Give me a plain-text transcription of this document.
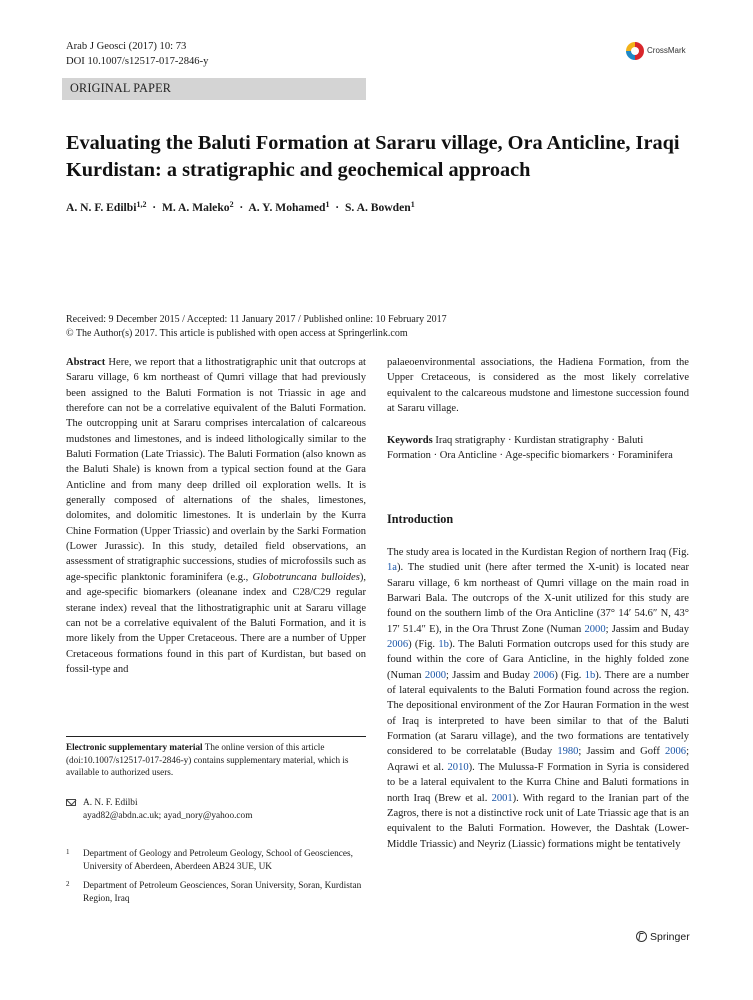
Arab J Geosci (2017) 10: 73
DOI 10.1007/s12517-017-2846-y
CrossMark
ORIGINAL PAPER
Evaluating the Baluti Formation at Sararu village, Ora Anticline, Iraqi Kurdistan: a stratigraphic and geochemical approach
A. N. F. Edilbi$^{1,2}$  ·  M. A. Maleko$^2$  ·  A. Y. Mohamed$^1$  ·  S. A. Bowden$^1$
Received: 9 December 2015 / Accepted: 11 January 2017 / Published online: 10 February 2017
© The Author(s) 2017. This article is published with open access at Springerlink.com
Abstract Here, we report that a lithostratigraphic unit that outcrops at Sararu village, 6 km northeast of Qumri village that had previously been assigned to the Baluti Formation is not Triassic in age and therefore can not be a correlative equivalent of the Baluti Formation. The outcropping unit at Sararu comprises intercalation of calcareous mudstones and limestones, and is indeed lithologically similar to the Baluti Formation (Late Triassic). The Baluti Formation (also known as the Baluti Shale) is known from a typical section found at the Gara Anticline and from many deep drilled oil exploration wells. It is generally composed of alternations of the shales, limestones, dolomites, and dolomitic limestones. It is underlain by the Kurra Chine Formation (Upper Triassic) and overlain by the Sarki Formation (Lower Jurassic). In this study, detailed field observations, an assessment of stratigraphic successions, studies of microfossils such as age-specific planktonic foraminifera (e.g., Globotruncana bulloides), and age-specific biomarkers (oleanane index and C28/C29 regular sterane index) reveal that the lithostratigraphic unit at Sararu village can not be a correlative equivalent of the Baluti Formation, and it is more likely from the Upper Cretaceous. There are a number of Upper Cretaceous formations found in this part of Kurdistan, but based on fossil-type and
palaeoenvironmental associations, the Hadiena Formation, from the Upper Cretaceous, is considered as the most likely correlative equivalent to the calcareous mudstone and limestone succession found at Sararu village.
Keywords Iraq stratigraphy · Kurdistan stratigraphy · Baluti Formation · Ora Anticline · Age-specific biomarkers · Foraminifera
Introduction
The study area is located in the Kurdistan Region of northern Iraq (Fig. 1a). The studied unit (here after termed the X-unit) is located near Sararu village, 6 km northeast of Qumri village on the main road in Barwari Bala. The outcrops of the X-unit utilized for this study are found on the southern limb of the Ora Anticline (37° 14′ 54.6″ N, 43° 17′ 51.4″ E), in the Ora Thrust Zone (Numan 2000; Jassim and Buday 2006) (Fig. 1b). The Baluti Formation outcrops used for this study are found within the core of Gara Anticline, in the highly folded zone (Numan 2000; Jassim and Buday 2006) (Fig. 1b). There are a number of lateral equivalents to the Baluti Formation found across the region. The depositional environment of the Zor Hauran Formation in the west of Iraq is interpreted to have been similar to that of the Baluti Formation (at Sararu village), and the two formations are tentatively considered to be correlatable (Buday 1980; Jassim and Goff 2006; Aqrawi et al. 2010). The Mulussa-F Formation in Syria is considered to be a lateral equivalent to the Kurra Chine and Baluti formations in north Iraq (Brew et al. 2001). With regard to the Iranian part of the Zagros, there is not a distinctive rock unit of Late Triassic age that is an equivalent to the Baluti Formation. However, the Dashtak (Lower-Middle Triassic) and Neyriz (Liassic) formations might be tentatively
Electronic supplementary material The online version of this article (doi:10.1007/s12517-017-2846-y) contains supplementary material, which is available to authorized users.
A. N. F. Edilbi
ayad82@abdn.ac.uk; ayad_nory@yahoo.com
1 Department of Geology and Petroleum Geology, School of Geosciences, University of Aberdeen, Aberdeen AB24 3UE, UK
2 Department of Petroleum Geosciences, Soran University, Soran, Kurdistan Region, Iraq
Springer
